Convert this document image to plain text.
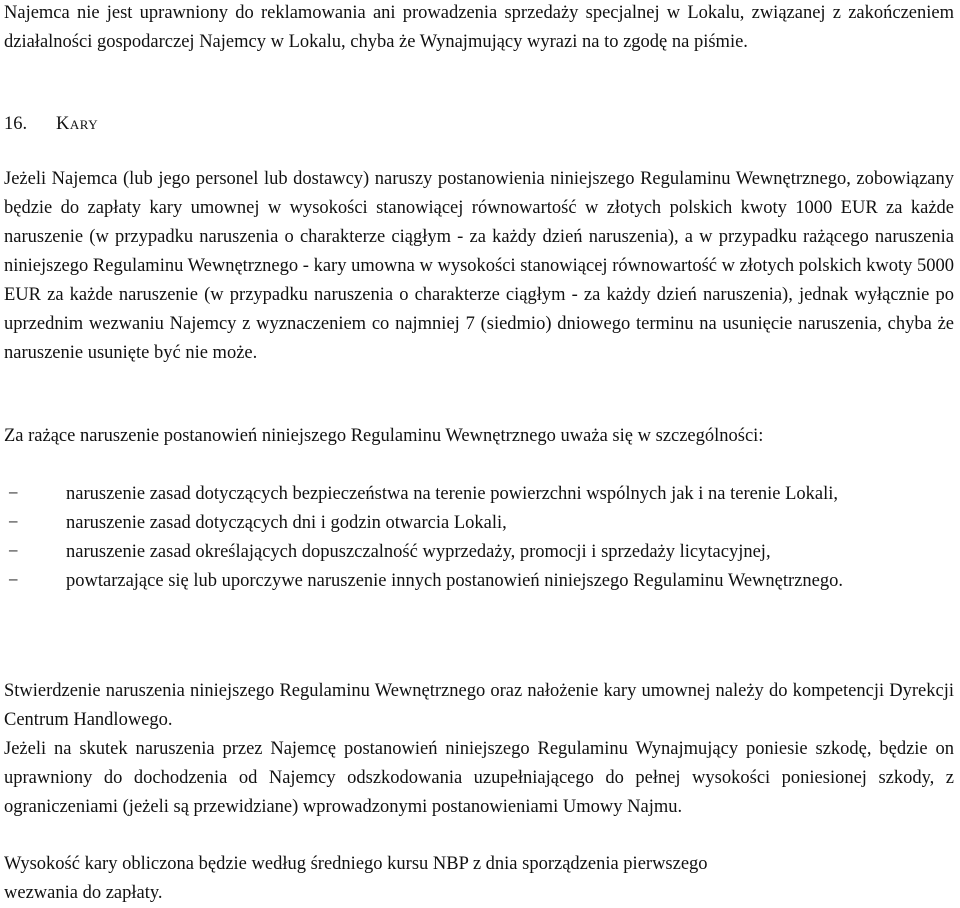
Najemca nie jest uprawniony do reklamowania ani prowadzenia sprzedaży specjalnej w Lokalu, związanej z zakończeniem działalności gospodarczej Najemcy w Lokalu, chyba że Wynajmujący wyrazi na to zgodę na piśmie.

16.	Kary

Jeżeli Najemca (lub jego personel lub dostawcy) naruszy postanowienia niniejszego Regulaminu Wewnętrznego, zobowiązany będzie do zapłaty kary umownej w wysokości stanowiącej równowartość w złotych polskich kwoty 1000 EUR za każde naruszenie (w przypadku naruszenia o charakterze ciągłym - za każdy dzień naruszenia), a w przypadku rażącego naruszenia niniejszego Regulaminu Wewnętrznego - kary umowna w wysokości stanowiącej równowartość w złotych polskich kwoty 5000 EUR za każde naruszenie (w przypadku naruszenia o charakterze ciągłym - za każdy dzień naruszenia), jednak wyłącznie po uprzednim wezwaniu Najemcy z wyznaczeniem co najmniej 7 (siedmio) dniowego terminu na usunięcie naruszenia, chyba że naruszenie usunięte być nie może.

Za rażące naruszenie postanowień niniejszego Regulaminu Wewnętrznego uważa się w szczególności:

−	naruszenie zasad dotyczących bezpieczeństwa na terenie powierzchni wspólnych jak i na terenie Lokali,
−	naruszenie zasad dotyczących dni i godzin otwarcia Lokali,
−	naruszenie zasad określających dopuszczalność wyprzedaży, promocji i sprzedaży licytacyjnej,
−	powtarzające się lub uporczywe naruszenie innych postanowień niniejszego Regulaminu Wewnętrznego.

Stwierdzenie naruszenia niniejszego Regulaminu Wewnętrznego oraz nałożenie kary umownej należy do kompetencji Dyrekcji Centrum Handlowego.

Jeżeli na skutek naruszenia przez Najemcę postanowień niniejszego Regulaminu Wynajmujący poniesie szkodę, będzie on uprawniony do dochodzenia od Najemcy odszkodowania uzupełniającego do pełnej wysokości poniesionej szkody, z ograniczeniami (jeżeli są przewidziane) wprowadzonymi postanowieniami Umowy Najmu.

Wysokość kary obliczona będzie według średniego kursu NBP z dnia sporządzenia pierwszego
wezwania do zapłaty.
